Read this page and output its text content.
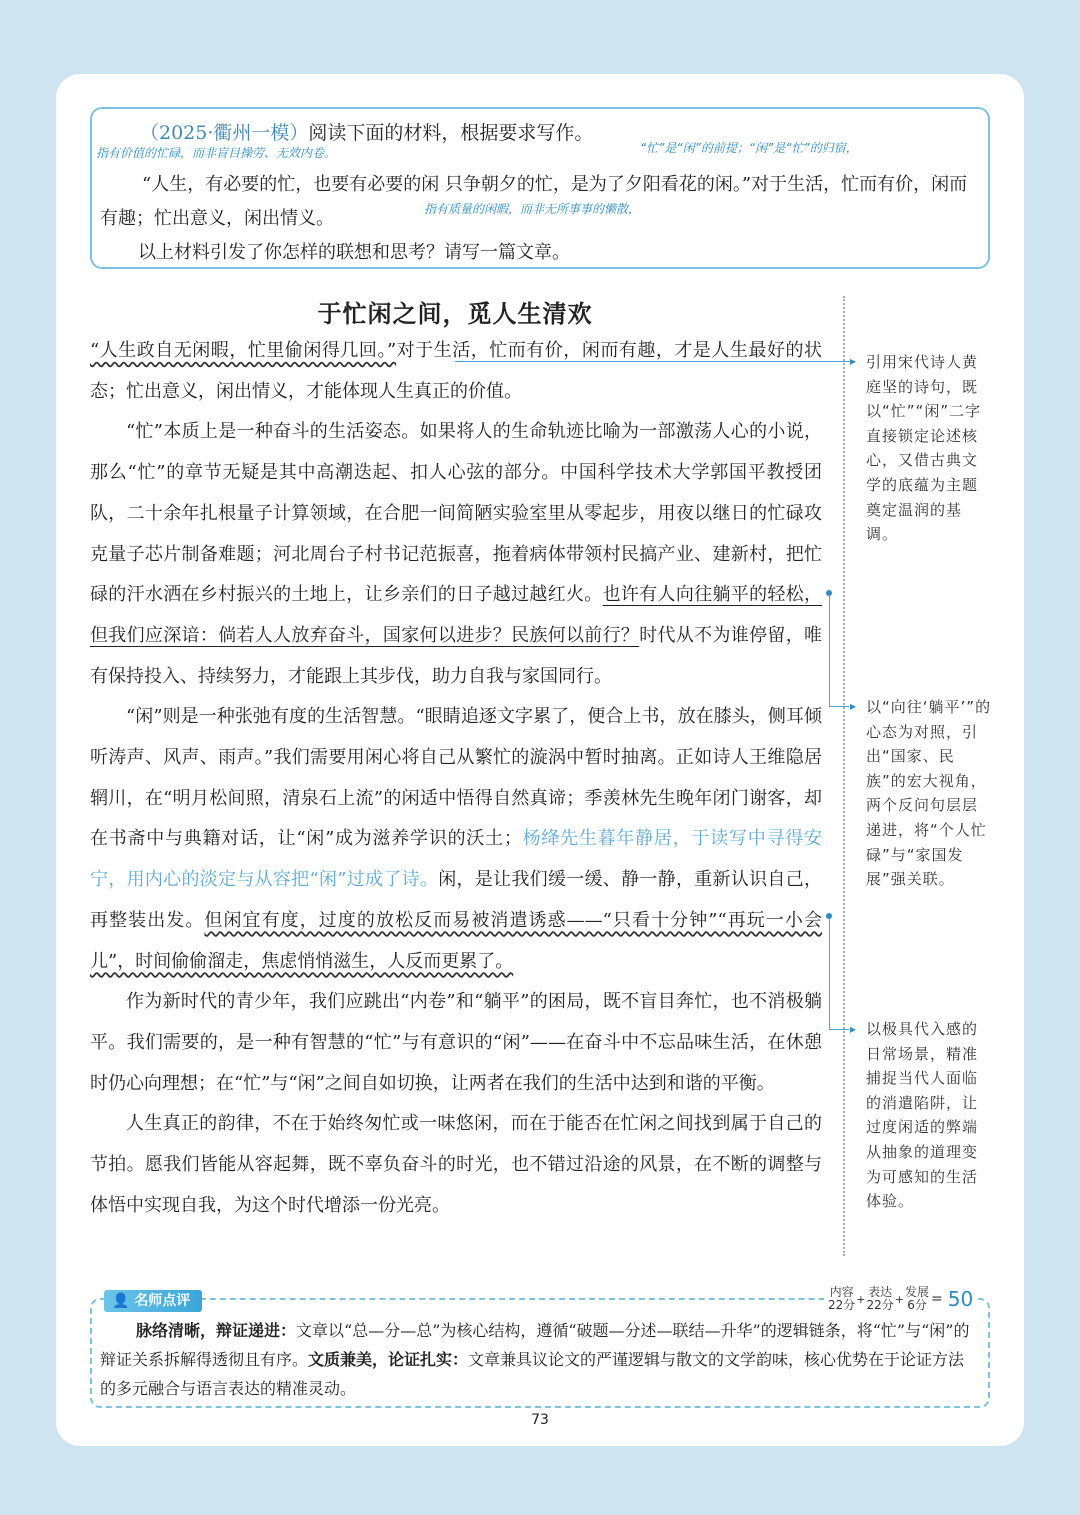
（2025·衢州一模）阅读下面的材料，根据要求写作。
指有价值的忙碌，而非盲目操劳、无效内卷。	“忙”是“闲”的前提；“闲”是“忙”的归宿，
“人生，有必要的忙，也要有必要的闲 只争朝夕的忙，是为了夕阳看花的闲。”对于生活，忙而有价，闲而有趣；忙出意义，闲出情义。	指有质量的闲暇，而非无所事事的懒散，
以上材料引发了你怎样的联想和思考？请写一篇文章。
于忙闲之间，觅人生清欢

“人生政自无闲暇，忙里偷闲得几回。”对于生活，忙而有价，闲而有趣，才是人生最好的状态；忙出意义，闲出情义，才能体现人生真正的价值。

“忙”本质上是一种奋斗的生活姿态。如果将人的生命轨迹比喻为一部激荡人心的小说，那么“忙”的章节无疑是其中高潮迭起、扣人心弦的部分。中国科学技术大学郭国平教授团队，二十余年扎根量子计算领域，在合肥一间简陋实验室里从零起步，用夜以继日的忙碌攻克量子芯片制备难题；河北周台子村书记范振喜，拖着病体带领村民搞产业、建新村，把忙碌的汗水洒在乡村振兴的土地上，让乡亲们的日子越过越红火。也许有人向往躺平的轻松，但我们应深谙：倘若人人放弃奋斗，国家何以进步？民族何以前行？时代从不为谁停留，唯有保持投入、持续努力，才能跟上其步伐，助力自我与家国同行。

“闲”则是一种张弛有度的生活智慧。“眼睛追逐文字累了，便合上书，放在膝头，侧耳倾听涛声、风声、雨声。”我们需要用闲心将自己从繁忙的漩涡中暂时抽离。正如诗人王维隐居辋川，在“明月松间照，清泉石上流”的闲适中悟得自然真谛；季羡林先生晚年闭门谢客，却在书斋中与典籍对话，让“闲”成为滋养学识的沃土；杨绛先生暮年静居，于读写中寻得安宁，用内心的淡定与从容把“闲”过成了诗。闲，是让我们缓一缓、静一静，重新认识自己，再整装出发。但闲宜有度，过度的放松反而易被消遣诱惑——“只看十分钟”“再玩一小会儿”，时间偷偷溜走，焦虑悄悄滋生，人反而更累了。

作为新时代的青少年，我们应跳出“内卷”和“躺平”的困局，既不盲目奔忙，也不消极躺平。我们需要的，是一种有智慧的“忙”与有意识的“闲”——在奋斗中不忘品味生活，在休憩时仍心向理想；在“忙”与“闲”之间自如切换，让两者在我们的生活中达到和谐的平衡。

人生真正的韵律，不在于始终匆忙或一味悠闲，而在于能否在忙闲之间找到属于自己的节拍。愿我们皆能从容起舞，既不辜负奋斗的时光，也不错过沿途的风景，在不断的调整与体悟中实现自我，为这个时代增添一份光亮。

▸ 引用宋代诗人黄庭坚的诗句，既以“忙”“闲”二字直接锁定论述核心，又借古典文学的底蕴为主题奠定温润的基调。
▸ 以“向往‘躺平’”的心态为对照，引出“国家、民族”的宏大视角，两个反问句层层递进，将“个人忙碌”与“家国发展”强关联。
▸ 以极具代入感的日常场景，精准捕捉当代人面临的消遣陷阱，让过度闲适的弊端从抽象的道理变为可感知的生活体验。
👤 名师点评
内容
22分 + 表达
22分 + 发展
6分 = 50
脉络清晰，辩证递进：文章以“总—分—总”为核心结构，遵循“破题—分述—联结—升华”的逻辑链条，将“忙”与“闲”的辩证关系拆解得透彻且有序。文质兼美，论证扎实：文章兼具议论文的严谨逻辑与散文的文学韵味，核心优势在于论证方法的多元融合与语言表达的精准灵动。
73
